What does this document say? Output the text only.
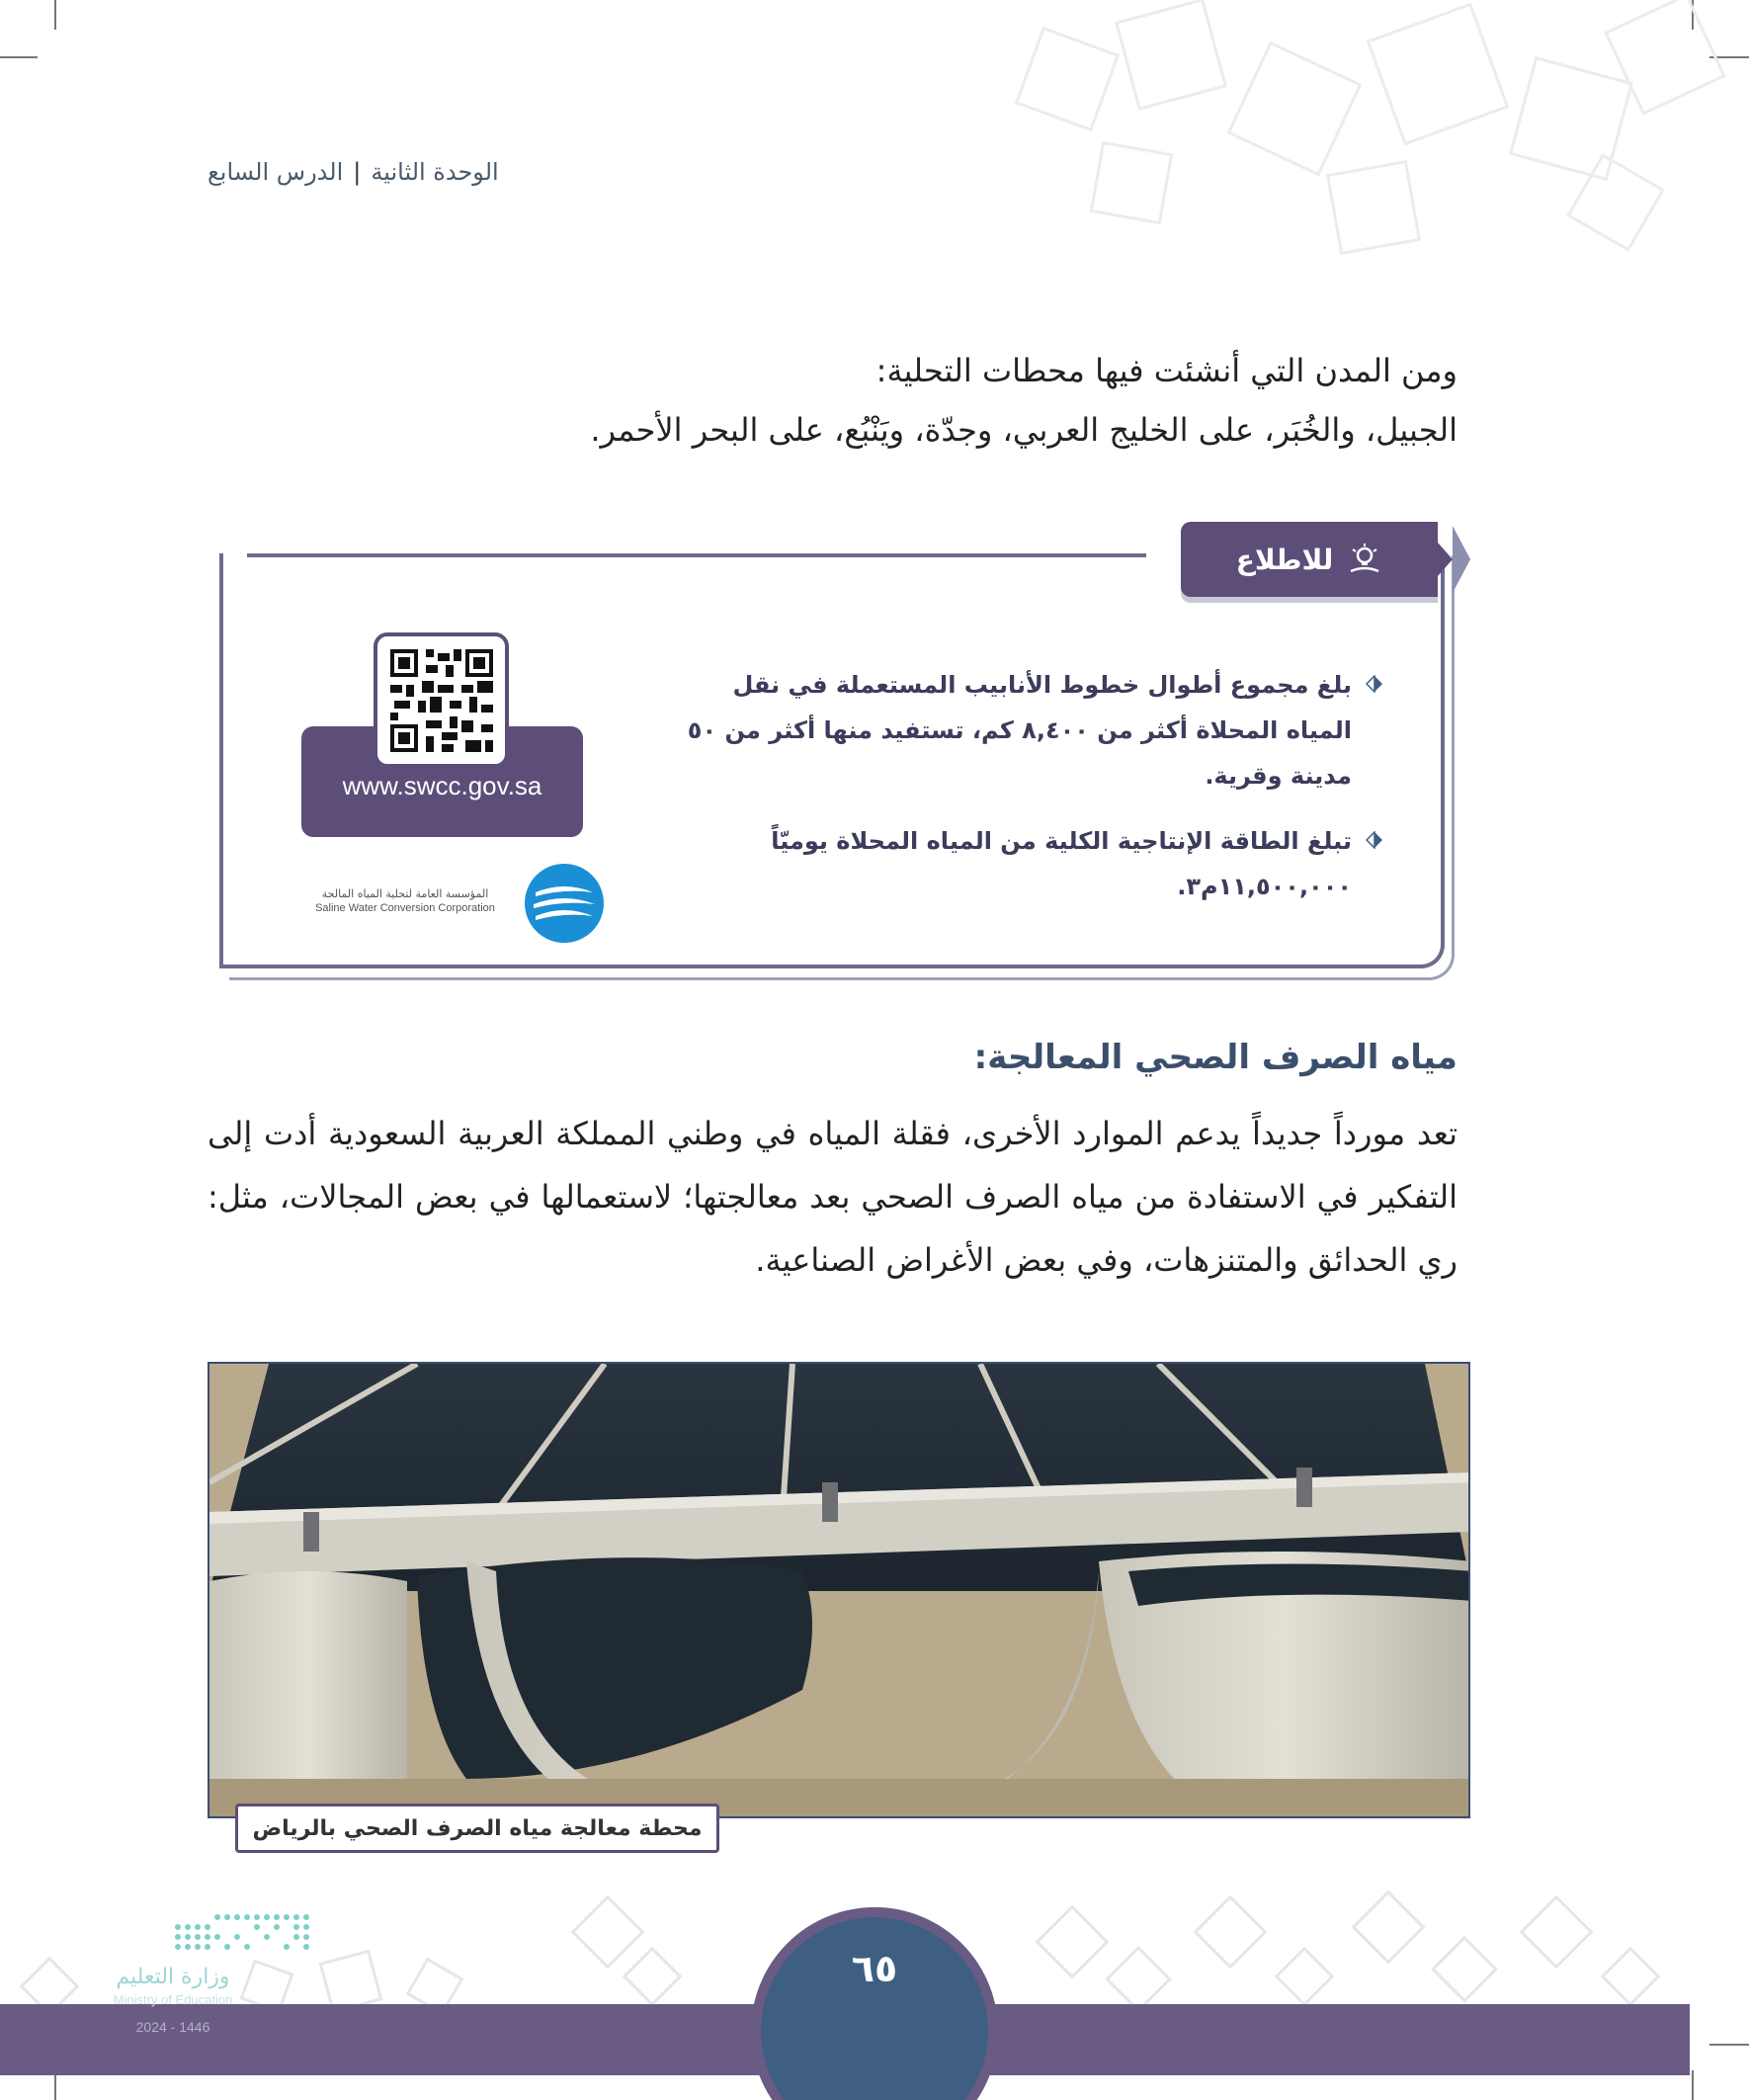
الوحدة الثانية|الدرس السابع

ومن المدن التي أنشئت فيها محطات التحلية:

الجبيل، والخُبَر، على الخليج العربي، وجدّة، ويَنْبُع، على البحر الأحمر.

للاطلاع
بلغ مجموع أطوال خطوط الأنابيب المستعملة في نقل المياه المحلاة أكثر من ٨,٤٠٠ كم، تستفيد منها أكثر من ٥٠ مدينة وقرية.
تبلغ الطاقة الإنتاجية الكلية من المياه المحلاة يوميّاً ١١,٥٠٠,٠٠٠م٣.
www.swcc.gov.sa
المؤسسة العامة لتحلية المياه المالحة
Saline Water Conversion Corporation
مياه الصرف الصحي المعالجة:

تعد مورداً جديداً يدعم الموارد الأخرى، فقلة المياه في وطني المملكة العربية السعودية أدت إلى التفكير في الاستفادة من مياه الصرف الصحي بعد معالجتها؛ لاستعمالها في بعض المجالات، مثل: ري الحدائق والمتنزهات، وفي بعض الأغراض الصناعية.

محطة معالجة مياه الصرف الصحي بالرياض
٦٥
وزارة التعليم
Ministry of Education
2024 - 1446
